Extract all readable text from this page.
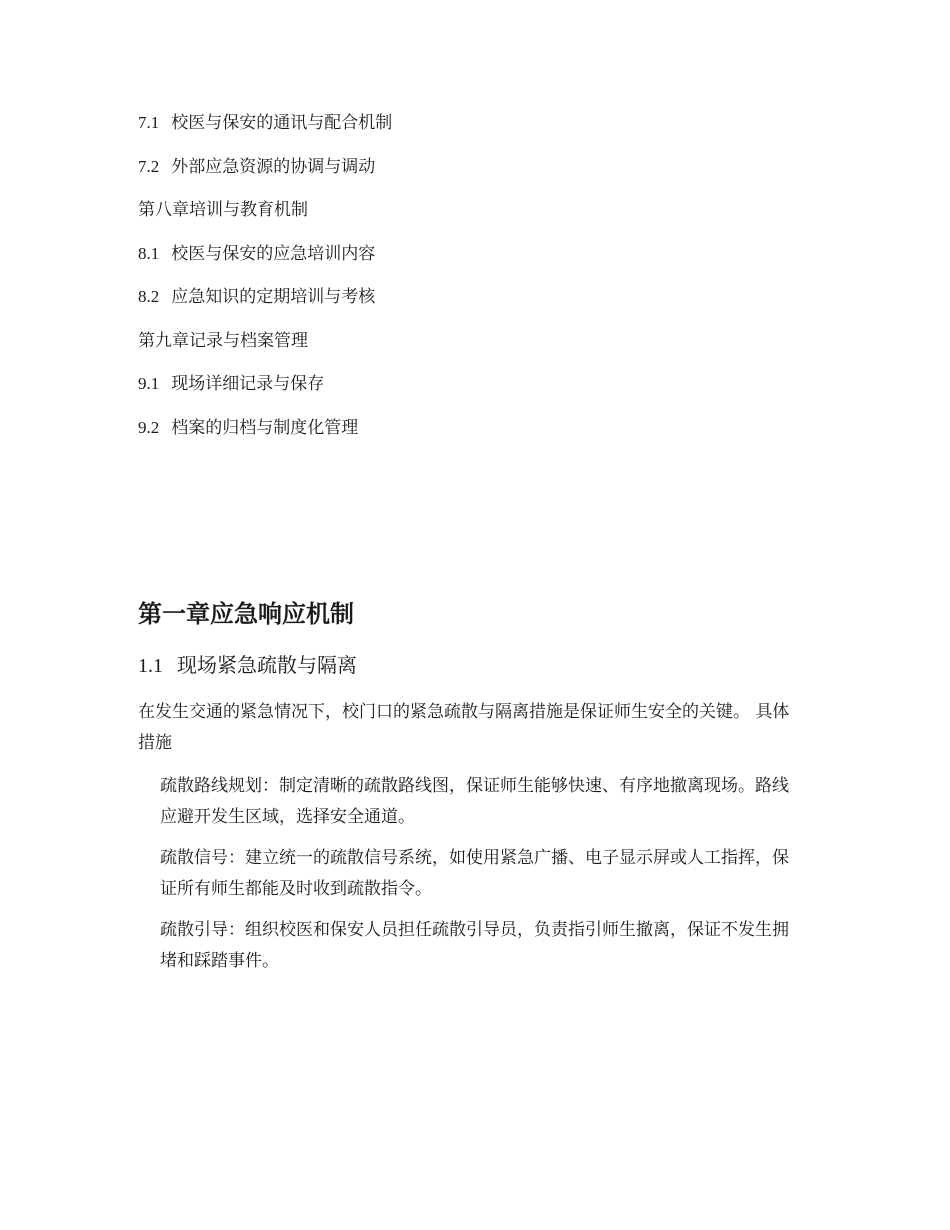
7.1 校医与保安的通讯与配合机制
7.2 外部应急资源的协调与调动
第八章培训与教育机制
8.1 校医与保安的应急培训内容
8.2 应急知识的定期培训与考核
第九章记录与档案管理
9.1 现场详细记录与保存
9.2 档案的归档与制度化管理
第一章应急响应机制
1.1 现场紧急疏散与隔离
在发生交通的紧急情况下，校门口的紧急疏散与隔离措施是保证师生安全的关键。 具体措施
疏散路线规划：制定清晰的疏散路线图，保证师生能够快速、有序地撤离现场。路线应避开发生区域，选择安全通道。
疏散信号：建立统一的疏散信号系统，如使用紧急广播、电子显示屏或人工指挥，保证所有师生都能及时收到疏散指令。
疏散引导：组织校医和保安人员担任疏散引导员，负责指引师生撤离，保证不发生拥堵和踩踏事件。
